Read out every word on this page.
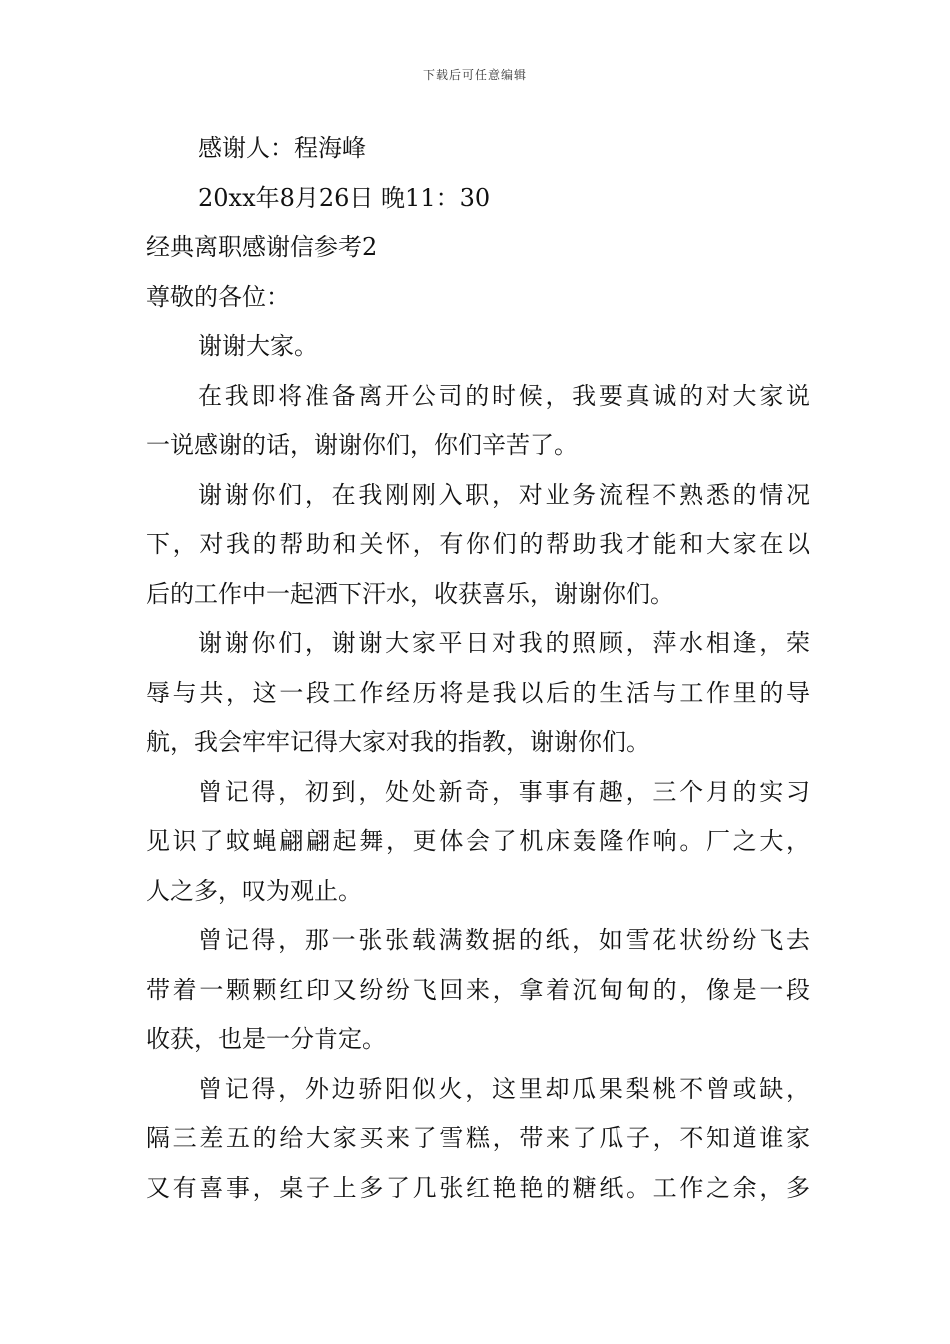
下载后可任意编辑

感谢人：程海峰

20xx年8月26日 晚11：30

经典离职感谢信参考2

尊敬的各位：

谢谢大家。

在我即将准备离开公司的时候，我要真诚的对大家说

一说感谢的话，谢谢你们，你们辛苦了。

谢谢你们，在我刚刚入职，对业务流程不熟悉的情况

下，对我的帮助和关怀，有你们的帮助我才能和大家在以

后的工作中一起洒下汗水，收获喜乐，谢谢你们。

谢谢你们，谢谢大家平日对我的照顾，萍水相逢，荣

辱与共，这一段工作经历将是我以后的生活与工作里的导

航，我会牢牢记得大家对我的指教，谢谢你们。

曾记得，初到，处处新奇，事事有趣，三个月的实习

见识了蚊蝇翩翩起舞，更体会了机床轰隆作响。厂之大，

人之多，叹为观止。

曾记得，那一张张载满数据的纸，如雪花状纷纷飞去

带着一颗颗红印又纷纷飞回来，拿着沉甸甸的，像是一段

收获，也是一分肯定。

曾记得，外边骄阳似火，这里却瓜果梨桃不曾或缺，

隔三差五的给大家买来了雪糕，带来了瓜子，不知道谁家

又有喜事，桌子上多了几张红艳艳的糖纸。工作之余，多
